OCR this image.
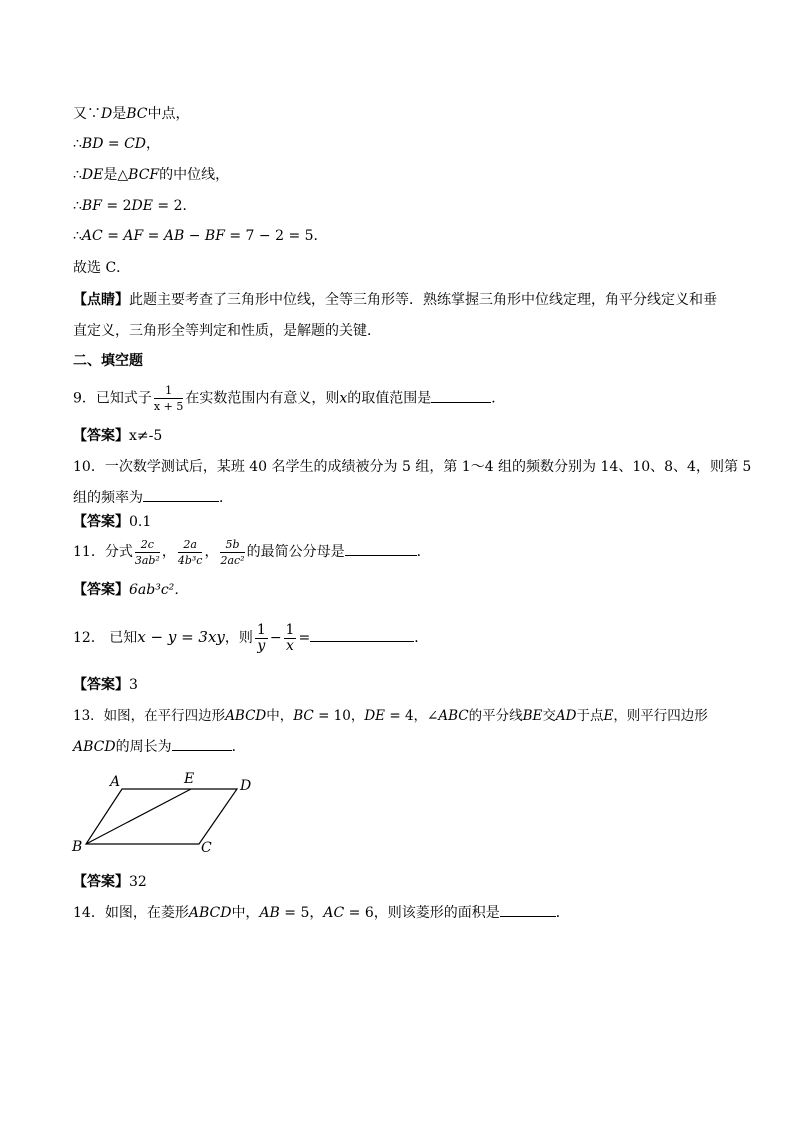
又∵D是BC中点，
∴BD = CD，
∴DE是△BCF的中位线，
∴BF = 2DE = 2．
∴AC = AF = AB − BF = 7 − 2 = 5．
故选 C．
【点睛】此题主要考查了三角形中位线，全等三角形等．熟练掌握三角形中位线定理，角平分线定义和垂
直定义，三角形全等判定和性质，是解题的关键．
二、填空题
9．已知式子 $\frac{1}{x + 5}$ 在实数范围内有意义，则x的取值范围是	．
【答案】x≠-5
10．一次数学测试后，某班 40 名学生的成绩被分为 5 组，第 1～4 组的频数分别为 14、10、8、4，则第 5
组的频率为	．
【答案】0.1
11．分式 $\frac{2c}{\text{3ab²}}$ ， $\frac{2a}{\text{4b³c}}$ ， $\frac{5b}{\text{2ac²}}$ 的最简公分母是	．
【答案】6ab³c²．
12． 已知x − y = 3xy，则 $\frac{1}{y} - \frac{1}{x}$ =	．
【答案】3
13．如图，在平行四边形ABCD中，BC = 10，DE = 4，∠ABC的平分线BE交AD于点E，则平行四边形
ABCD的周长为	．
A	E	D
B	C
【答案】32
14．如图，在菱形ABCD中，AB = 5，AC = 6，则该菱形的面积是	．
